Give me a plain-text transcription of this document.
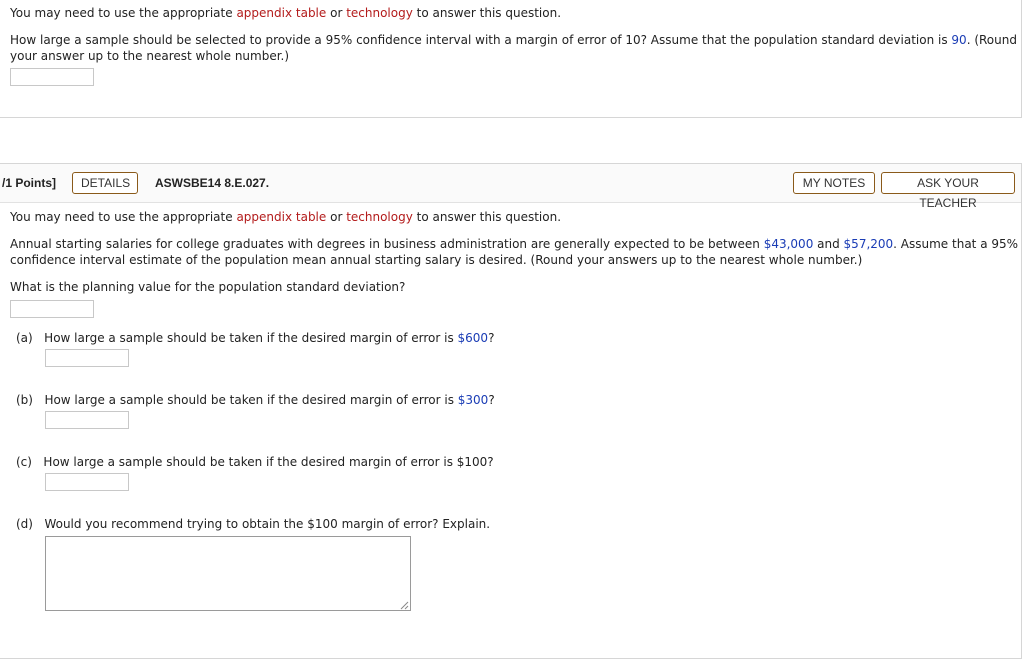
You may need to use the appropriate appendix table or technology to answer this question.
How large a sample should be selected to provide a 95% confidence interval with a margin of error of 10? Assume that the population standard deviation is 90. (Round
your answer up to the nearest whole number.)
/1 Points]	DETAILS	ASWSBE14 8.E.027.	MY NOTES	ASK YOUR TEACHER
You may need to use the appropriate appendix table or technology to answer this question.
Annual starting salaries for college graduates with degrees in business administration are generally expected to be between $43,000 and $57,200. Assume that a 95%
confidence interval estimate of the population mean annual starting salary is desired. (Round your answers up to the nearest whole number.)
What is the planning value for the population standard deviation?
(a) How large a sample should be taken if the desired margin of error is $600?
(b) How large a sample should be taken if the desired margin of error is $300?
(c) How large a sample should be taken if the desired margin of error is $100?
(d) Would you recommend trying to obtain the $100 margin of error? Explain.
